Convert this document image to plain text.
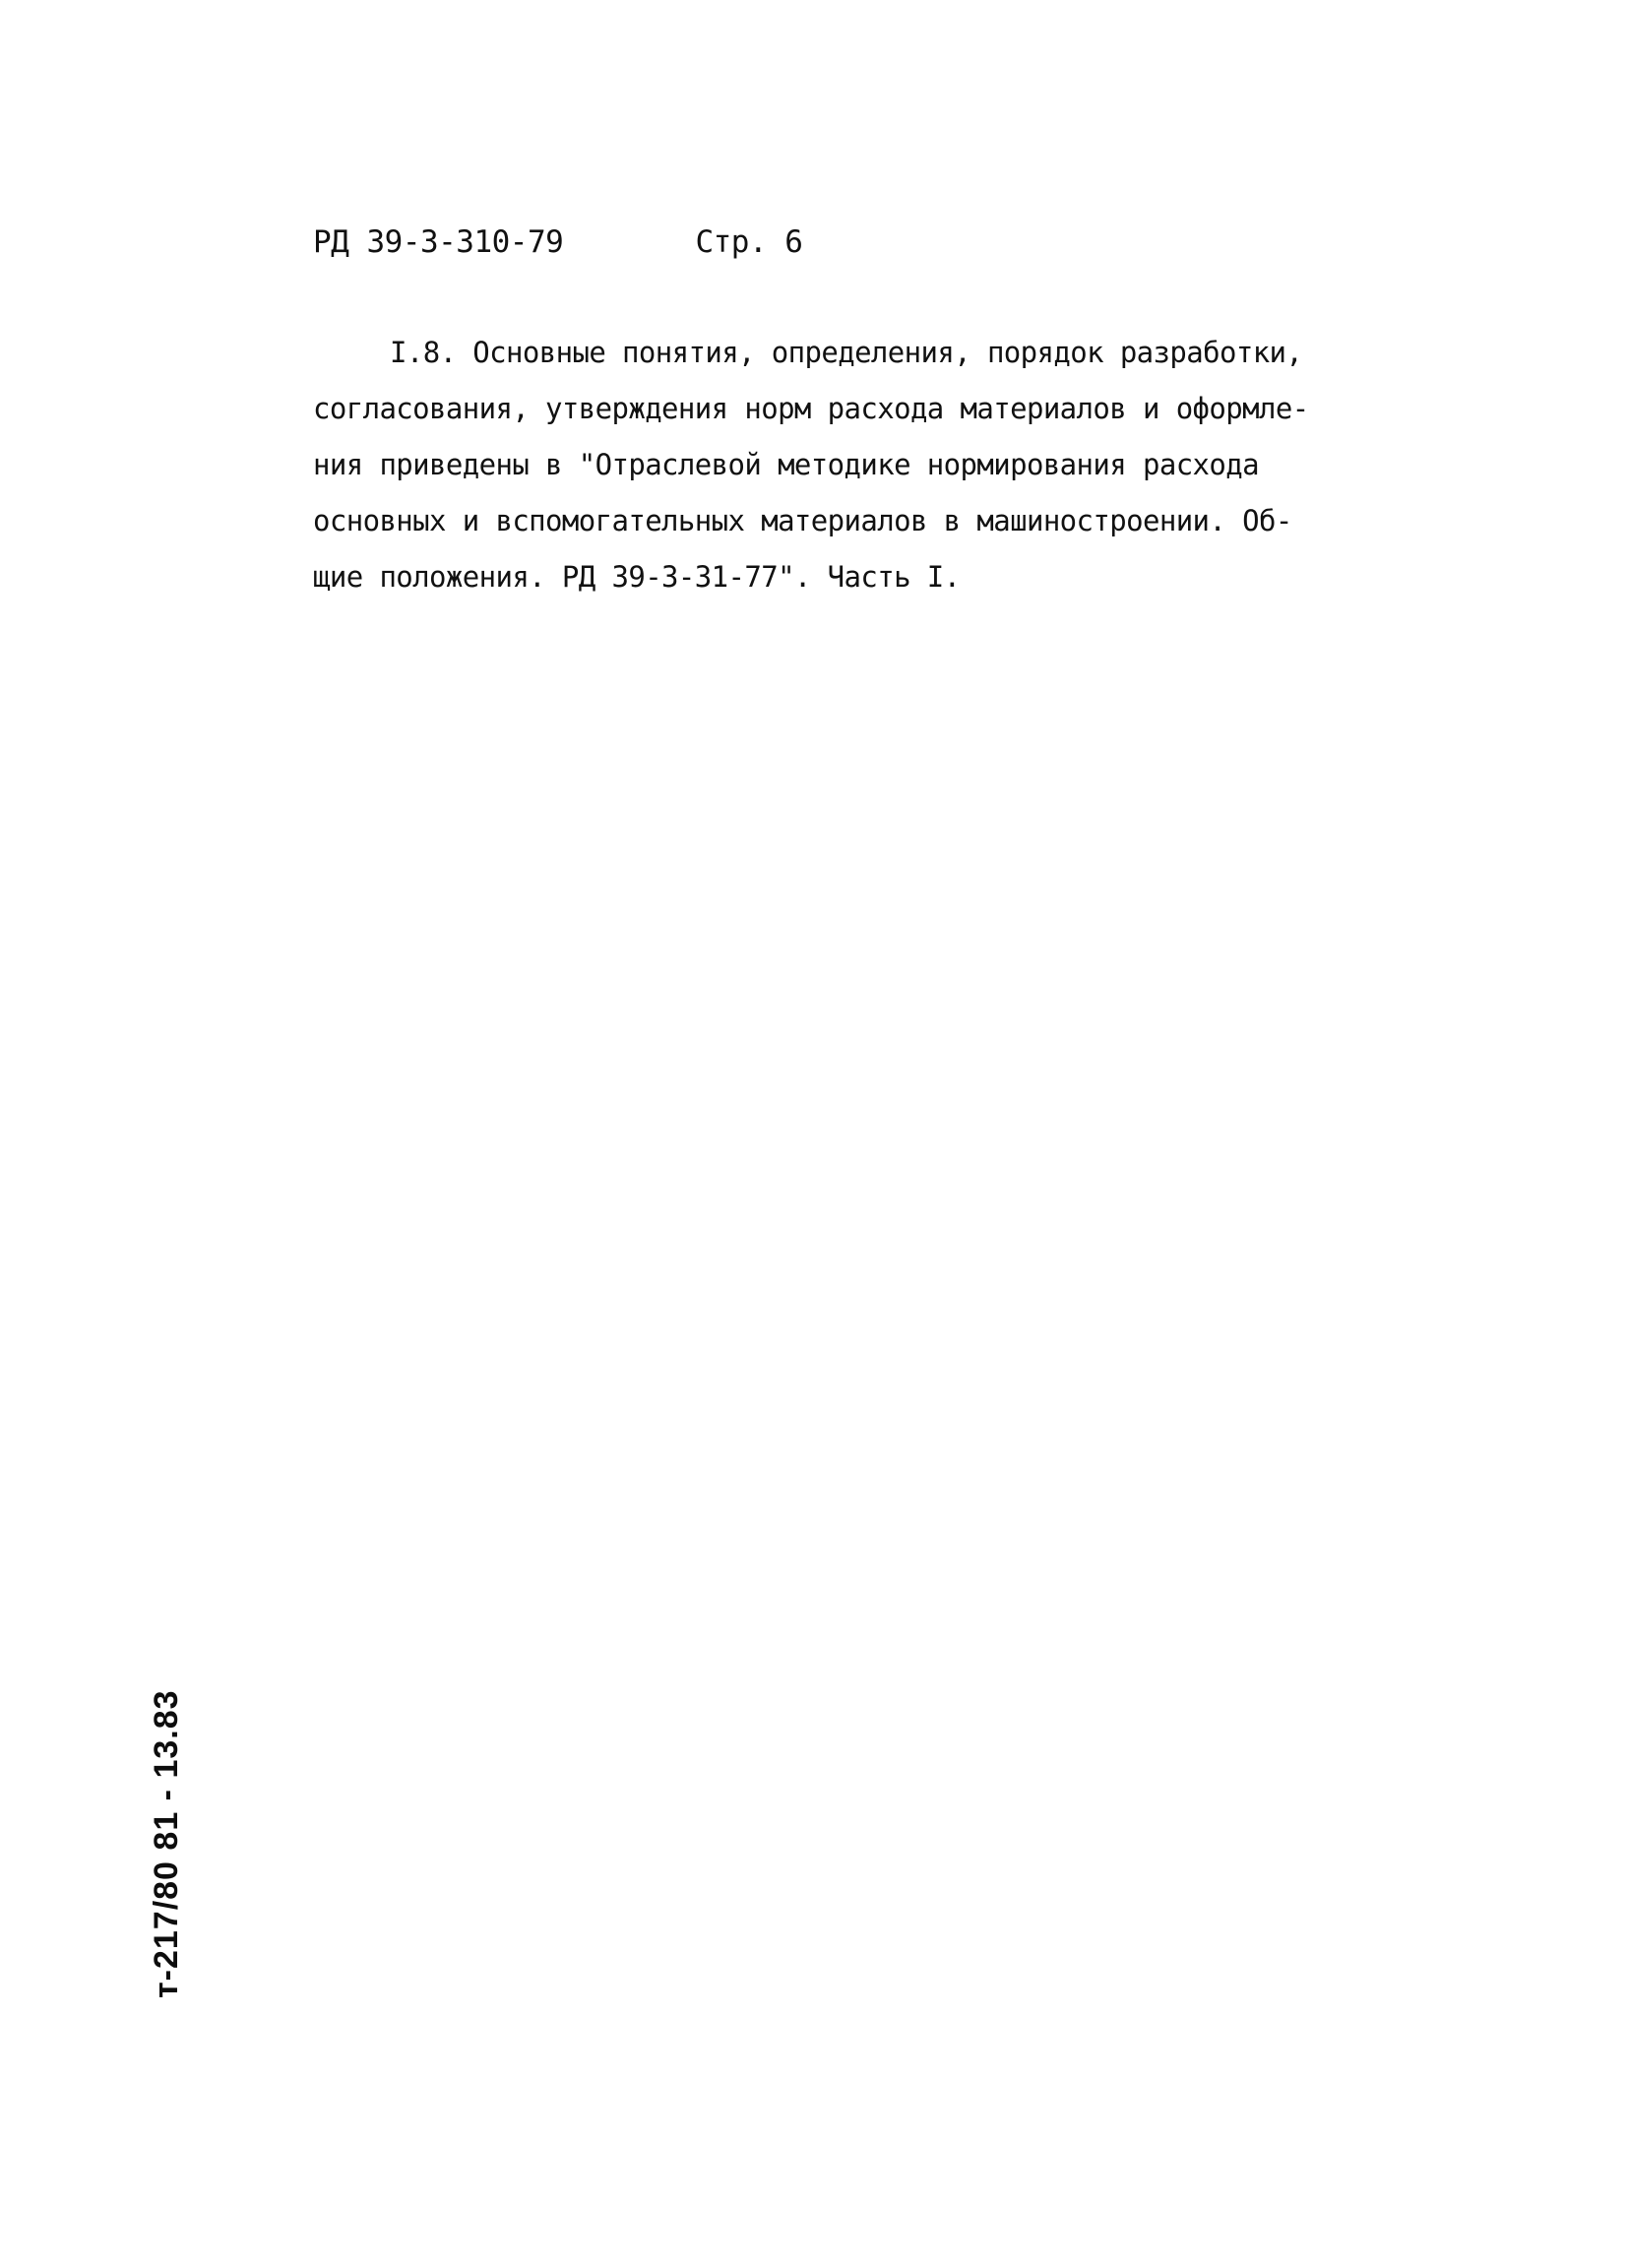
РД 39-3-310-79	Стр. 6
I.8. Основные понятия, определения, порядок разработки,
согласования, утверждения норм расхода материалов и оформле-
ния приведены в "Отраслевой методике нормирования расхода
основных и вспомогательных материалов в машиностроении. Об-
щие положения. РД 39-3-31-77". Часть I.
т-217/80 81 - 13.83
